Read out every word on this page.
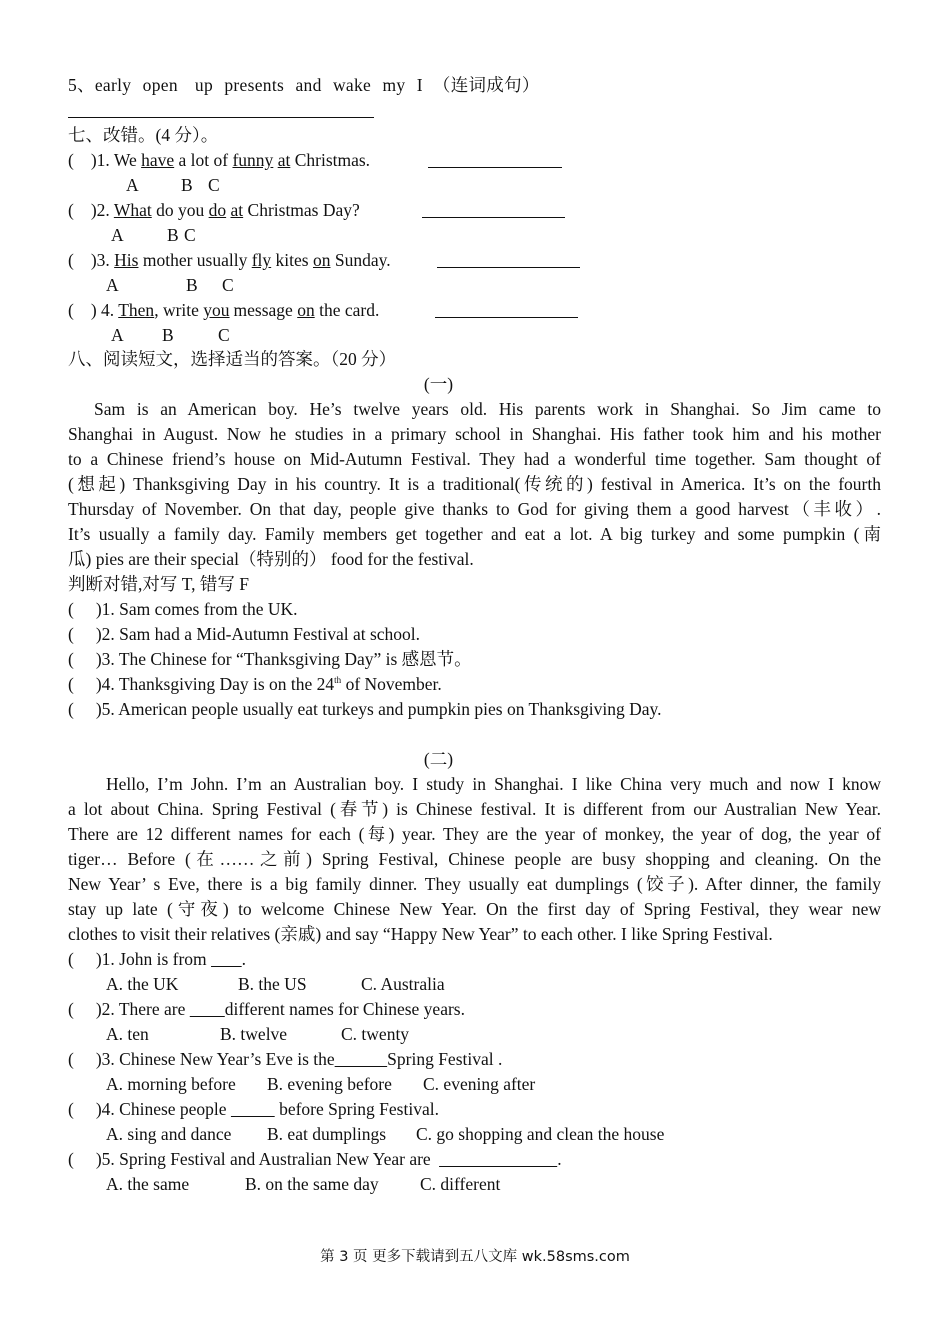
5、early  open   up  presents  and  wake  my  I （连词成句）
七、改错。(4 分）。
( )1. We have a lot of funny at Christmas.
A B C
( )2. What do you do at Christmas Day?
A B C
( )3. His mother usually fly kites on Sunday.
A	B C
( ) 4. Then, write you message on the card.
A B	C
八、阅读短文，选择适当的答案。（20 分）
(一)
Sam is an American boy. He’s twelve years old. His parents work in Shanghai. So Jim came to
Shanghai in August. Now he studies in a primary school in Shanghai. His father took him and his mother
to a Chinese friend’s house on Mid-Autumn Festival. They had a wonderful time together. Sam thought of
(想起) Thanksgiving Day in his country. It is a traditional(传统的) festival in America. It’s on the fourth
Thursday of November. On that day, people give thanks to God for giving them a good harvest（丰收）.
It’s usually a family day. Family members get together and eat a lot. A big turkey and some pumpkin (南
瓜) pies are their special（特别的） food for the festival.
判断对错,对写 T, 错写 F
( )1. Sam comes from the UK.
( )2. Sam had a Mid-Autumn Festival at school.
( )3. The Chinese for “Thanksgiving Day” is 感恩节。
( )4. Thanksgiving Day is on the 24th of November.
( )5. American people usually eat turkeys and pumpkin pies on Thanksgiving Day.
(二)
Hello, I’m John. I’m an Australian boy. I study in Shanghai. I like China very much and now I know
a lot about China. Spring Festival (春节) is Chinese festival. It is different from our Australian New Year.
There are 12 different names for each (每) year. They are the year of monkey, the year of dog, the year of
tiger… Before (在……之前) Spring Festival, Chinese people are busy shopping and cleaning. On the
New Year’ s Eve, there is a big family dinner. They usually eat dumplings (饺子). After dinner, the family
stay up late (守夜) to welcome Chinese New Year. On the first day of Spring Festival, they wear new
clothes to visit their relatives (亲戚) and say “Happy New Year” to each other. I like Spring Festival.
( )1. John is from        .
A. the UK	B. the US	C. Australia
( )2. There are         different names for Chinese years.
A. ten	B. twelve	C. twenty
( )3. Chinese New Year’s Eve is the	Spring Festival .
A. morning before B. evening before C. evening after
( )4. Chinese people	before Spring Festival.
A. sing and dance B. eat dumplings C. go shopping and clean the house
( )5. Spring Festival and Australian New Year are	.
A. the same	B. on the same day C. different
第 3 页 更多下载请到五八文库 wk.58sms.com
